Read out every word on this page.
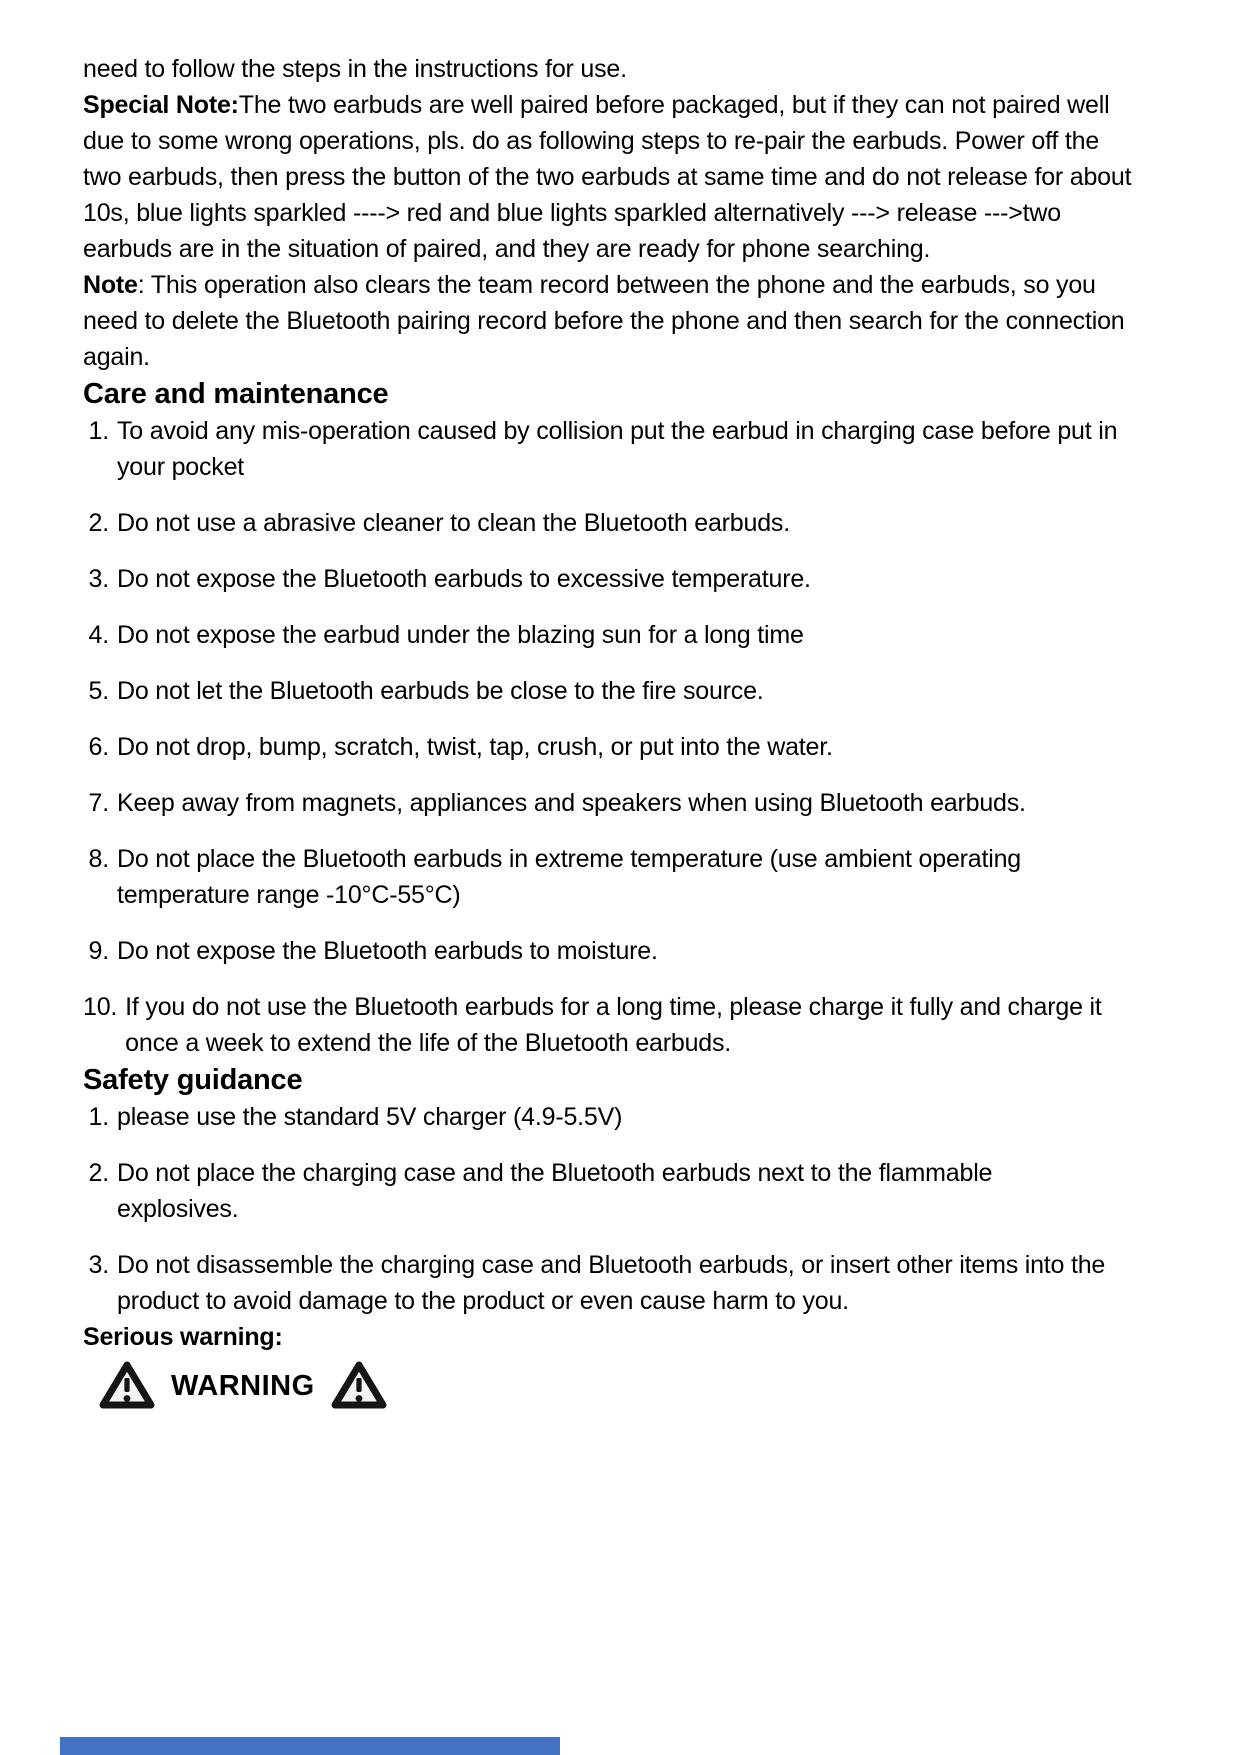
need to follow the steps in the instructions for use.

Special Note:The two earbuds are well paired before packaged, but if they can not paired well due to some wrong operations, pls. do as following steps to re-pair the earbuds. Power off the two earbuds, then press the button of the two earbuds at same time and do not release for about 10s, blue lights sparkled ----> red and blue lights sparkled alternatively ---> release --->two earbuds are in the situation of paired, and they are ready for phone searching.

Note: This operation also clears the team record between the phone and the earbuds, so you need to delete the Bluetooth pairing record before the phone and then search for the connection again.

Care and maintenance
1. To avoid any mis-operation caused by collision put the earbud in charging case before put in your pocket
2. Do not use a abrasive cleaner to clean the Bluetooth earbuds.
3. Do not expose the Bluetooth earbuds to excessive temperature.
4. Do not expose the earbud under the blazing sun for a long time
5. Do not let the Bluetooth earbuds be close to the fire source.
6. Do not drop, bump, scratch, twist, tap, crush, or put into the water.
7. Keep away from magnets, appliances and speakers when using Bluetooth earbuds.
8. Do not place the Bluetooth earbuds in extreme temperature (use ambient operating temperature range -10°C-55°C)
9. Do not expose the Bluetooth earbuds to moisture.
10. If you do not use the Bluetooth earbuds for a long time, please charge it fully and charge it once a week to extend the life of the Bluetooth earbuds.
Safety guidance
1. please use the standard 5V charger (4.9-5.5V)
2. Do not place the charging case and the Bluetooth earbuds next to the flammable explosives.
3. Do not disassemble the charging case and Bluetooth earbuds, or insert other items into the product to avoid damage to the product or even cause harm to you.

Serious warning:

WARNING
